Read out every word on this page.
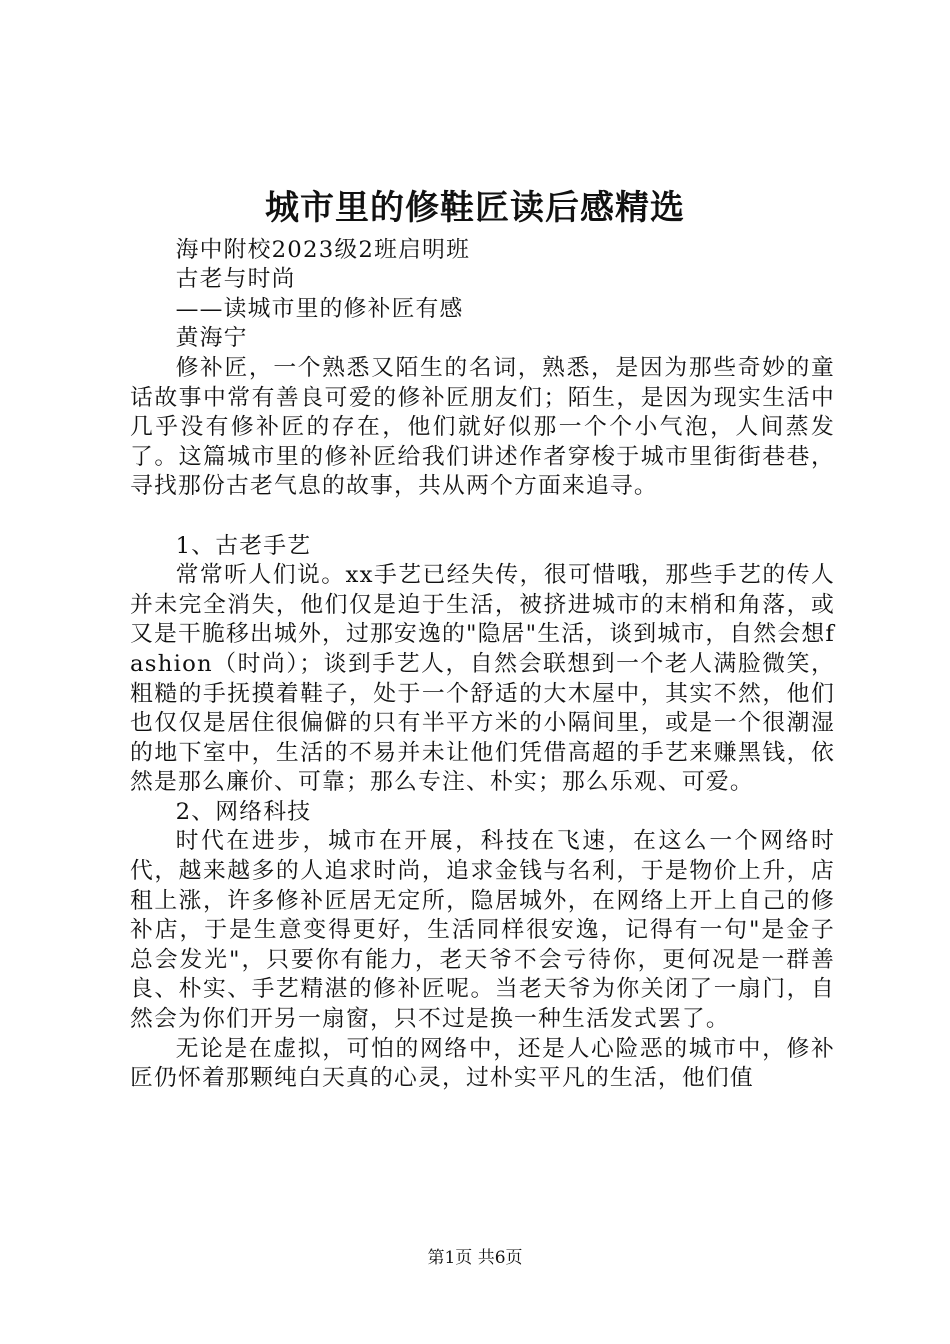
城市里的修鞋匠读后感精选
海中附校2023级2班启明班
古老与时尚
——读城市里的修补匠有感
黄海宁

修补匠，一个熟悉又陌生的名词，熟悉，是因为那些奇妙的童话故事中常有善良可爱的修补匠朋友们；陌生，是因为现实生活中几乎没有修补匠的存在，他们就好似那一个个小气泡，人间蒸发了。这篇城市里的修补匠给我们讲述作者穿梭于城市里街街巷巷，寻找那份古老气息的故事，共从两个方面来追寻。

1、古老手艺

常常听人们说。xx手艺已经失传，很可惜哦，那些手艺的传人并未完全消失，他们仅是迫于生活，被挤进城市的末梢和角落，或又是干脆移出城外，过那安逸的"隐居"生活，谈到城市，自然会想fashion（时尚）；谈到手艺人，自然会联想到一个老人满脸微笑，粗糙的手抚摸着鞋子，处于一个舒适的大木屋中，其实不然，他们也仅仅是居住很偏僻的只有半平方米的小隔间里，或是一个很潮湿的地下室中，生活的不易并未让他们凭借高超的手艺来赚黑钱，依然是那么廉价、可靠；那么专注、朴实；那么乐观、可爱。

2、网络科技

时代在进步，城市在开展，科技在飞速，在这么一个网络时代，越来越多的人追求时尚，追求金钱与名利，于是物价上升，店租上涨，许多修补匠居无定所，隐居城外，在网络上开上自己的修补店，于是生意变得更好，生活同样很安逸，记得有一句"是金子总会发光"，只要你有能力，老天爷不会亏待你，更何况是一群善良、朴实、手艺精湛的修补匠呢。当老天爷为你关闭了一扇门，自然会为你们开另一扇窗，只不过是换一种生活发式罢了。

无论是在虚拟，可怕的网络中，还是人心险恶的城市中，修补匠仍怀着那颗纯白天真的心灵，过朴实平凡的生活，他们值

第1页 共6页
